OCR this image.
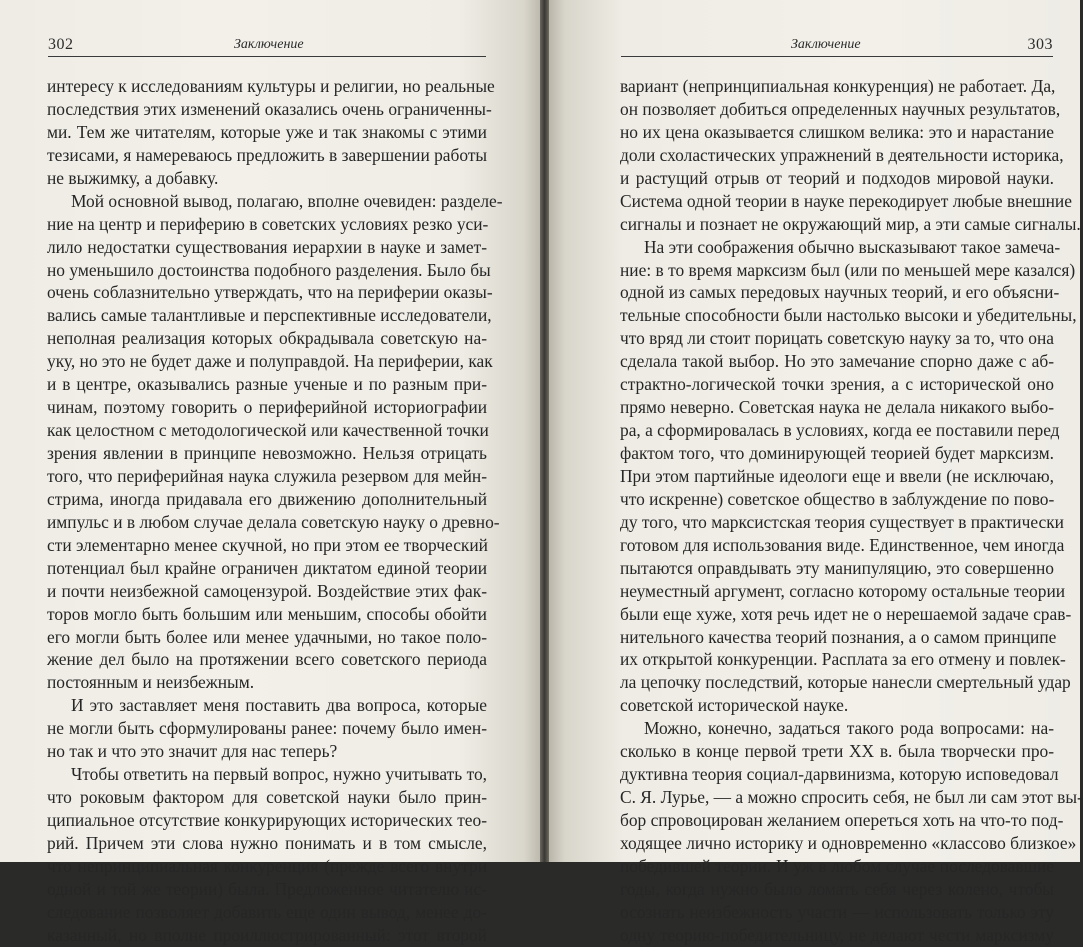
302	Заключение
интересу к исследованиям культуры и религии, но реальные
последствия этих изменений оказались очень ограниченны-
ми. Тем же читателям, которые уже и так знакомы с этими
тезисами, я намереваюсь предложить в завершении работы
не выжимку, а добавку.
Мой основной вывод, полагаю, вполне очевиден: разделе-
ние на центр и периферию в советских условиях резко уси-
лило недостатки существования иерархии в науке и замет-
но уменьшило достоинства подобного разделения. Было бы
очень соблазнительно утверждать, что на периферии оказы-
вались самые талантливые и перспективные исследователи,
неполная реализация которых обкрадывала советскую на-
уку, но это не будет даже и полуправдой. На периферии, как
и в центре, оказывались разные ученые и по разным при-
чинам, поэтому говорить о периферийной историографии
как целостном с методологической или качественной точки
зрения явлении в принципе невозможно. Нельзя отрицать
того, что периферийная наука служила резервом для мейн-
стрима, иногда придавала его движению дополнительный
импульс и в любом случае делала советскую науку о древно-
сти элементарно менее скучной, но при этом ее творческий
потенциал был крайне ограничен диктатом единой теории
и почти неизбежной самоцензурой. Воздействие этих фак-
торов могло быть большим или меньшим, способы обойти
его могли быть более или менее удачными, но такое поло-
жение дел было на протяжении всего советского периода
постоянным и неизбежным.
И это заставляет меня поставить два вопроса, которые
не могли быть сформулированы ранее: почему было имен-
но так и что это значит для нас теперь?
Чтобы ответить на первый вопрос, нужно учитывать то,
что роковым фактором для советской науки было прин-
ципиальное отсутствие конкурирующих исторических тео-
рий. Причем эти слова нужно понимать и в том смысле,
что непринципиальная конкуренция (прежде всего внутри
одной и той же теории) была. Предложенное читателю ис-
следование позволяет добавить еще один вывод, менее до-
казанный, но вполне проиллюстрированный: этот второй
Заключение	303
вариант (непринципиальная конкуренция) не работает. Да,
он позволяет добиться определенных научных результатов,
но их цена оказывается слишком велика: это и нарастание
доли схоластических упражнений в деятельности историка,
и растущий отрыв от теорий и подходов мировой науки.
Система одной теории в науке перекодирует любые внешние
сигналы и познает не окружающий мир, а эти самые сигналы.
На эти соображения обычно высказывают такое замеча-
ние: в то время марксизм был (или по меньшей мере казался)
одной из самых передовых научных теорий, и его объясни-
тельные способности были настолько высоки и убедительны,
что вряд ли стоит порицать советскую науку за то, что она
сделала такой выбор. Но это замечание спорно даже с аб-
страктно-логической точки зрения, а с исторической оно
прямо неверно. Советская наука не делала никакого выбо-
ра, а сформировалась в условиях, когда ее поставили перед
фактом того, что доминирующей теорией будет марксизм.
При этом партийные идеологи еще и ввели (не исключаю,
что искренне) советское общество в заблуждение по пово-
ду того, что марксистская теория существует в практически
готовом для использования виде. Единственное, чем иногда
пытаются оправдывать эту манипуляцию, это совершенно
неуместный аргумент, согласно которому остальные теории
были еще хуже, хотя речь идет не о нерешаемой задаче срав-
нительного качества теорий познания, а о самом принципе
их открытой конкуренции. Расплата за его отмену и повлек-
ла цепочку последствий, которые нанесли смертельный удар
советской исторической науке.
Можно, конечно, задаться такого рода вопросами: на-
сколько в конце первой трети XX в. была творчески про-
дуктивна теория социал-дарвинизма, которую исповедовал
С. Я. Лурье, — а можно спросить себя, не был ли сам этот вы-
бор спровоцирован желанием опереться хоть на что-то под-
ходящее лично историку и одновременно «классово близкое»
победившей теории. И уж в любом случае последовавшие
годы, когда нужно было ломать себя через колено, чтобы
осознать неизбежность участи — использовать только эту
одну теорию-победительницу, не делают чести марксизму
